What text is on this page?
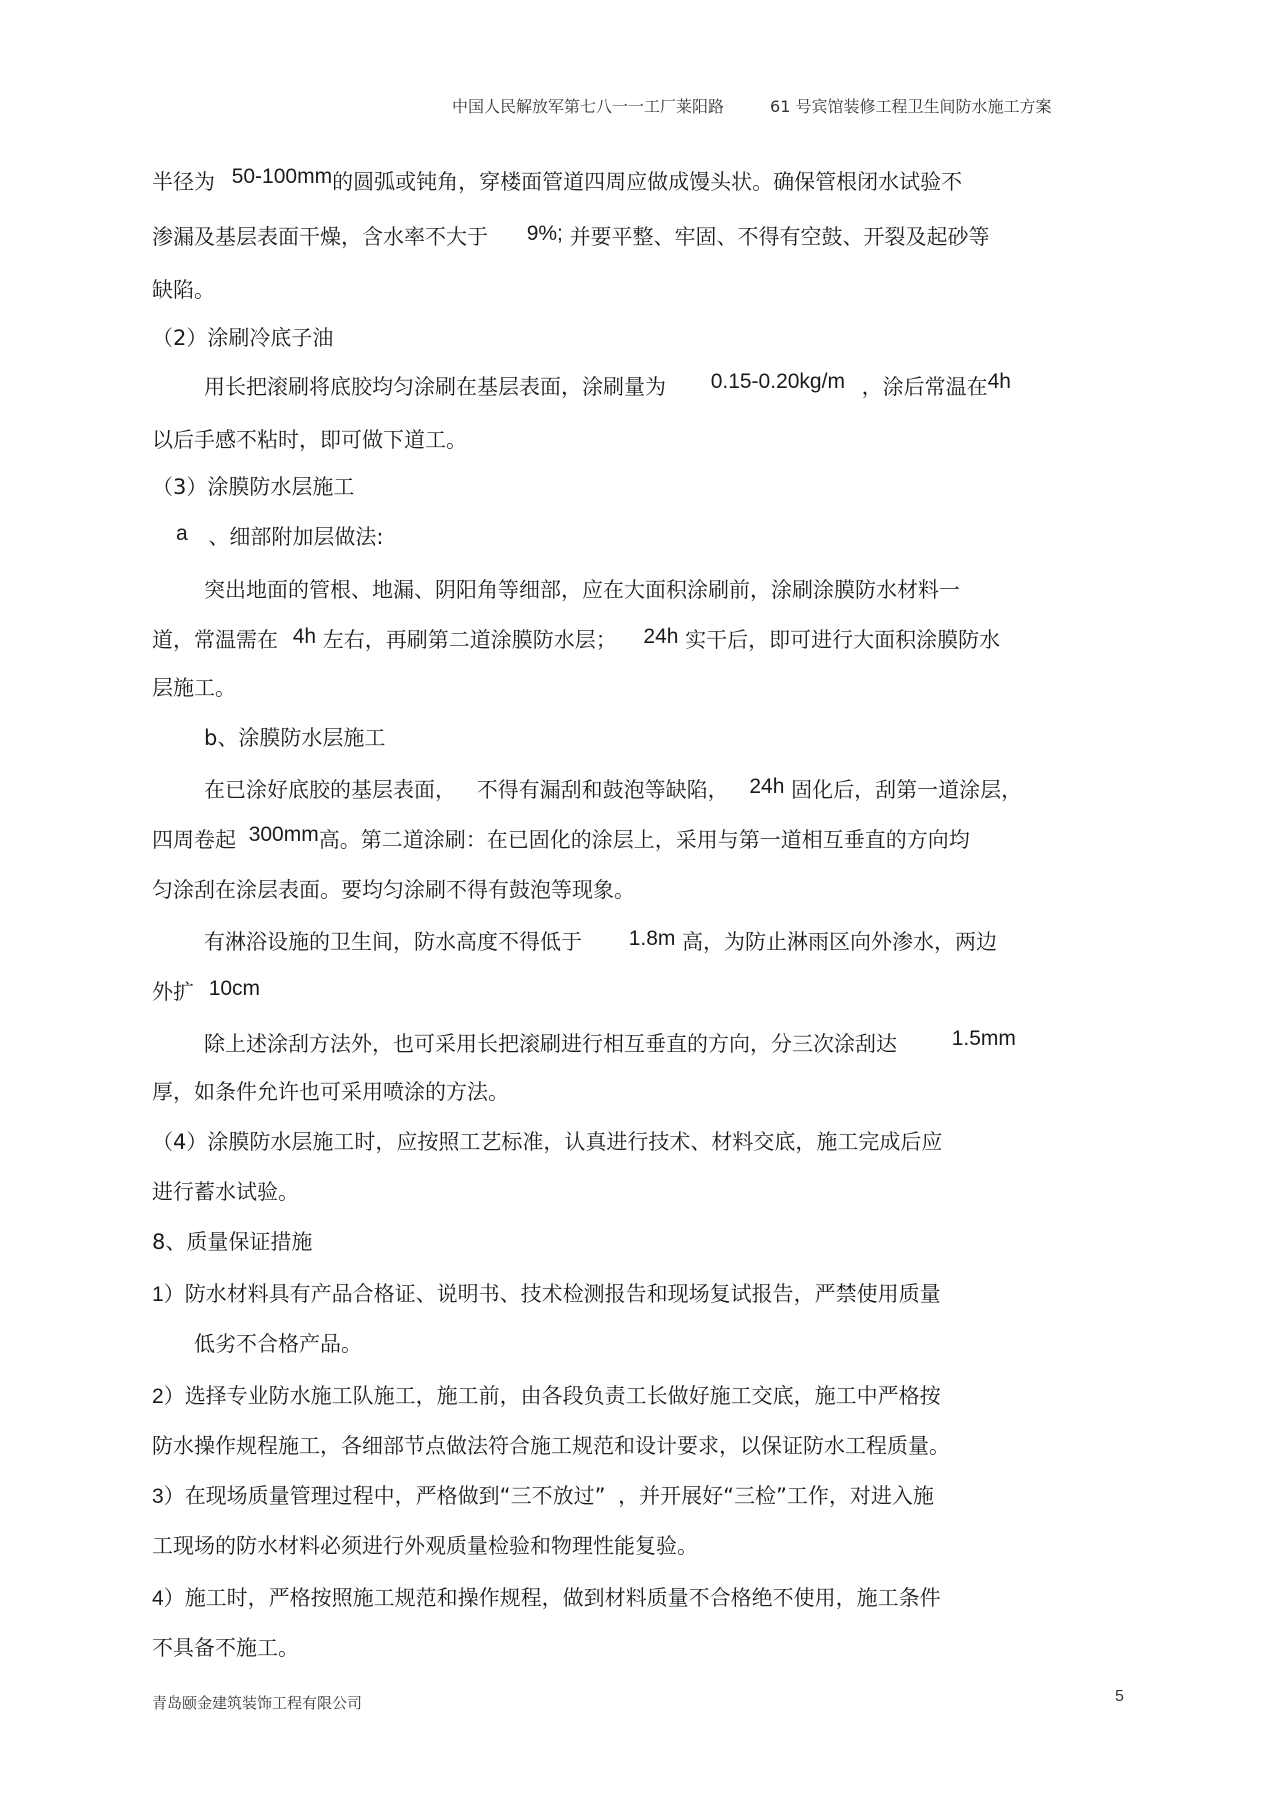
中国人民解放军第七八一一工厂莱阳路	61 号宾馆装修工程卫生间防水施工方案
半径为 50-100mm的圆弧或钝角，穿楼面管道四周应做成馒头状。确保管根闭水试验不
渗漏及基层表面干燥，含水率不大于 9%; 并要平整、牢固、不得有空鼓、开裂及起砂等
缺陷。
（2）涂刷冷底子油
用长把滚刷将底胶均匀涂刷在基层表面，涂刷量为 0.15-0.20kg/m ，涂后常温在4h
以后手感不粘时，即可做下道工。
（3）涂膜防水层施工
a 、细部附加层做法:
突出地面的管根、地漏、阴阳角等细部，应在大面积涂刷前，涂刷涂膜防水材料一
道，常温需在 4h 左右，再刷第二道涂膜防水层； 24h 实干后，即可进行大面积涂膜防水
层施工。
b、涂膜防水层施工
在已涂好底胶的基层表面， 不得有漏刮和鼓泡等缺陷， 24h 固化后，刮第一道涂层，
四周卷起 300mm高。第二道涂刷：在已固化的涂层上，采用与第一道相互垂直的方向均
匀涂刮在涂层表面。要均匀涂刷不得有鼓泡等现象。
有淋浴设施的卫生间，防水高度不得低于 1.8m 高，为防止淋雨区向外渗水，两边
外扩 10cm
除上述涂刮方法外，也可采用长把滚刷进行相互垂直的方向，分三次涂刮达	1.5mm
厚，如条件允许也可采用喷涂的方法。
（4）涂膜防水层施工时，应按照工艺标准，认真进行技术、材料交底，施工完成后应
进行蓄水试验。
8、质量保证措施
1）防水材料具有产品合格证、说明书、技术检测报告和现场复试报告，严禁使用质量
低劣不合格产品。
2）选择专业防水施工队施工，施工前，由各段负责工长做好施工交底，施工中严格按
防水操作规程施工，各细部节点做法符合施工规范和设计要求，以保证防水工程质量。
3）在现场质量管理过程中，严格做到“三不放过” ，并开展好“三检”工作，对进入施
工现场的防水材料必须进行外观质量检验和物理性能复验。
4）施工时，严格按照施工规范和操作规程，做到材料质量不合格绝不使用，施工条件
不具备不施工。
青岛颐金建筑装饰工程有限公司	5
